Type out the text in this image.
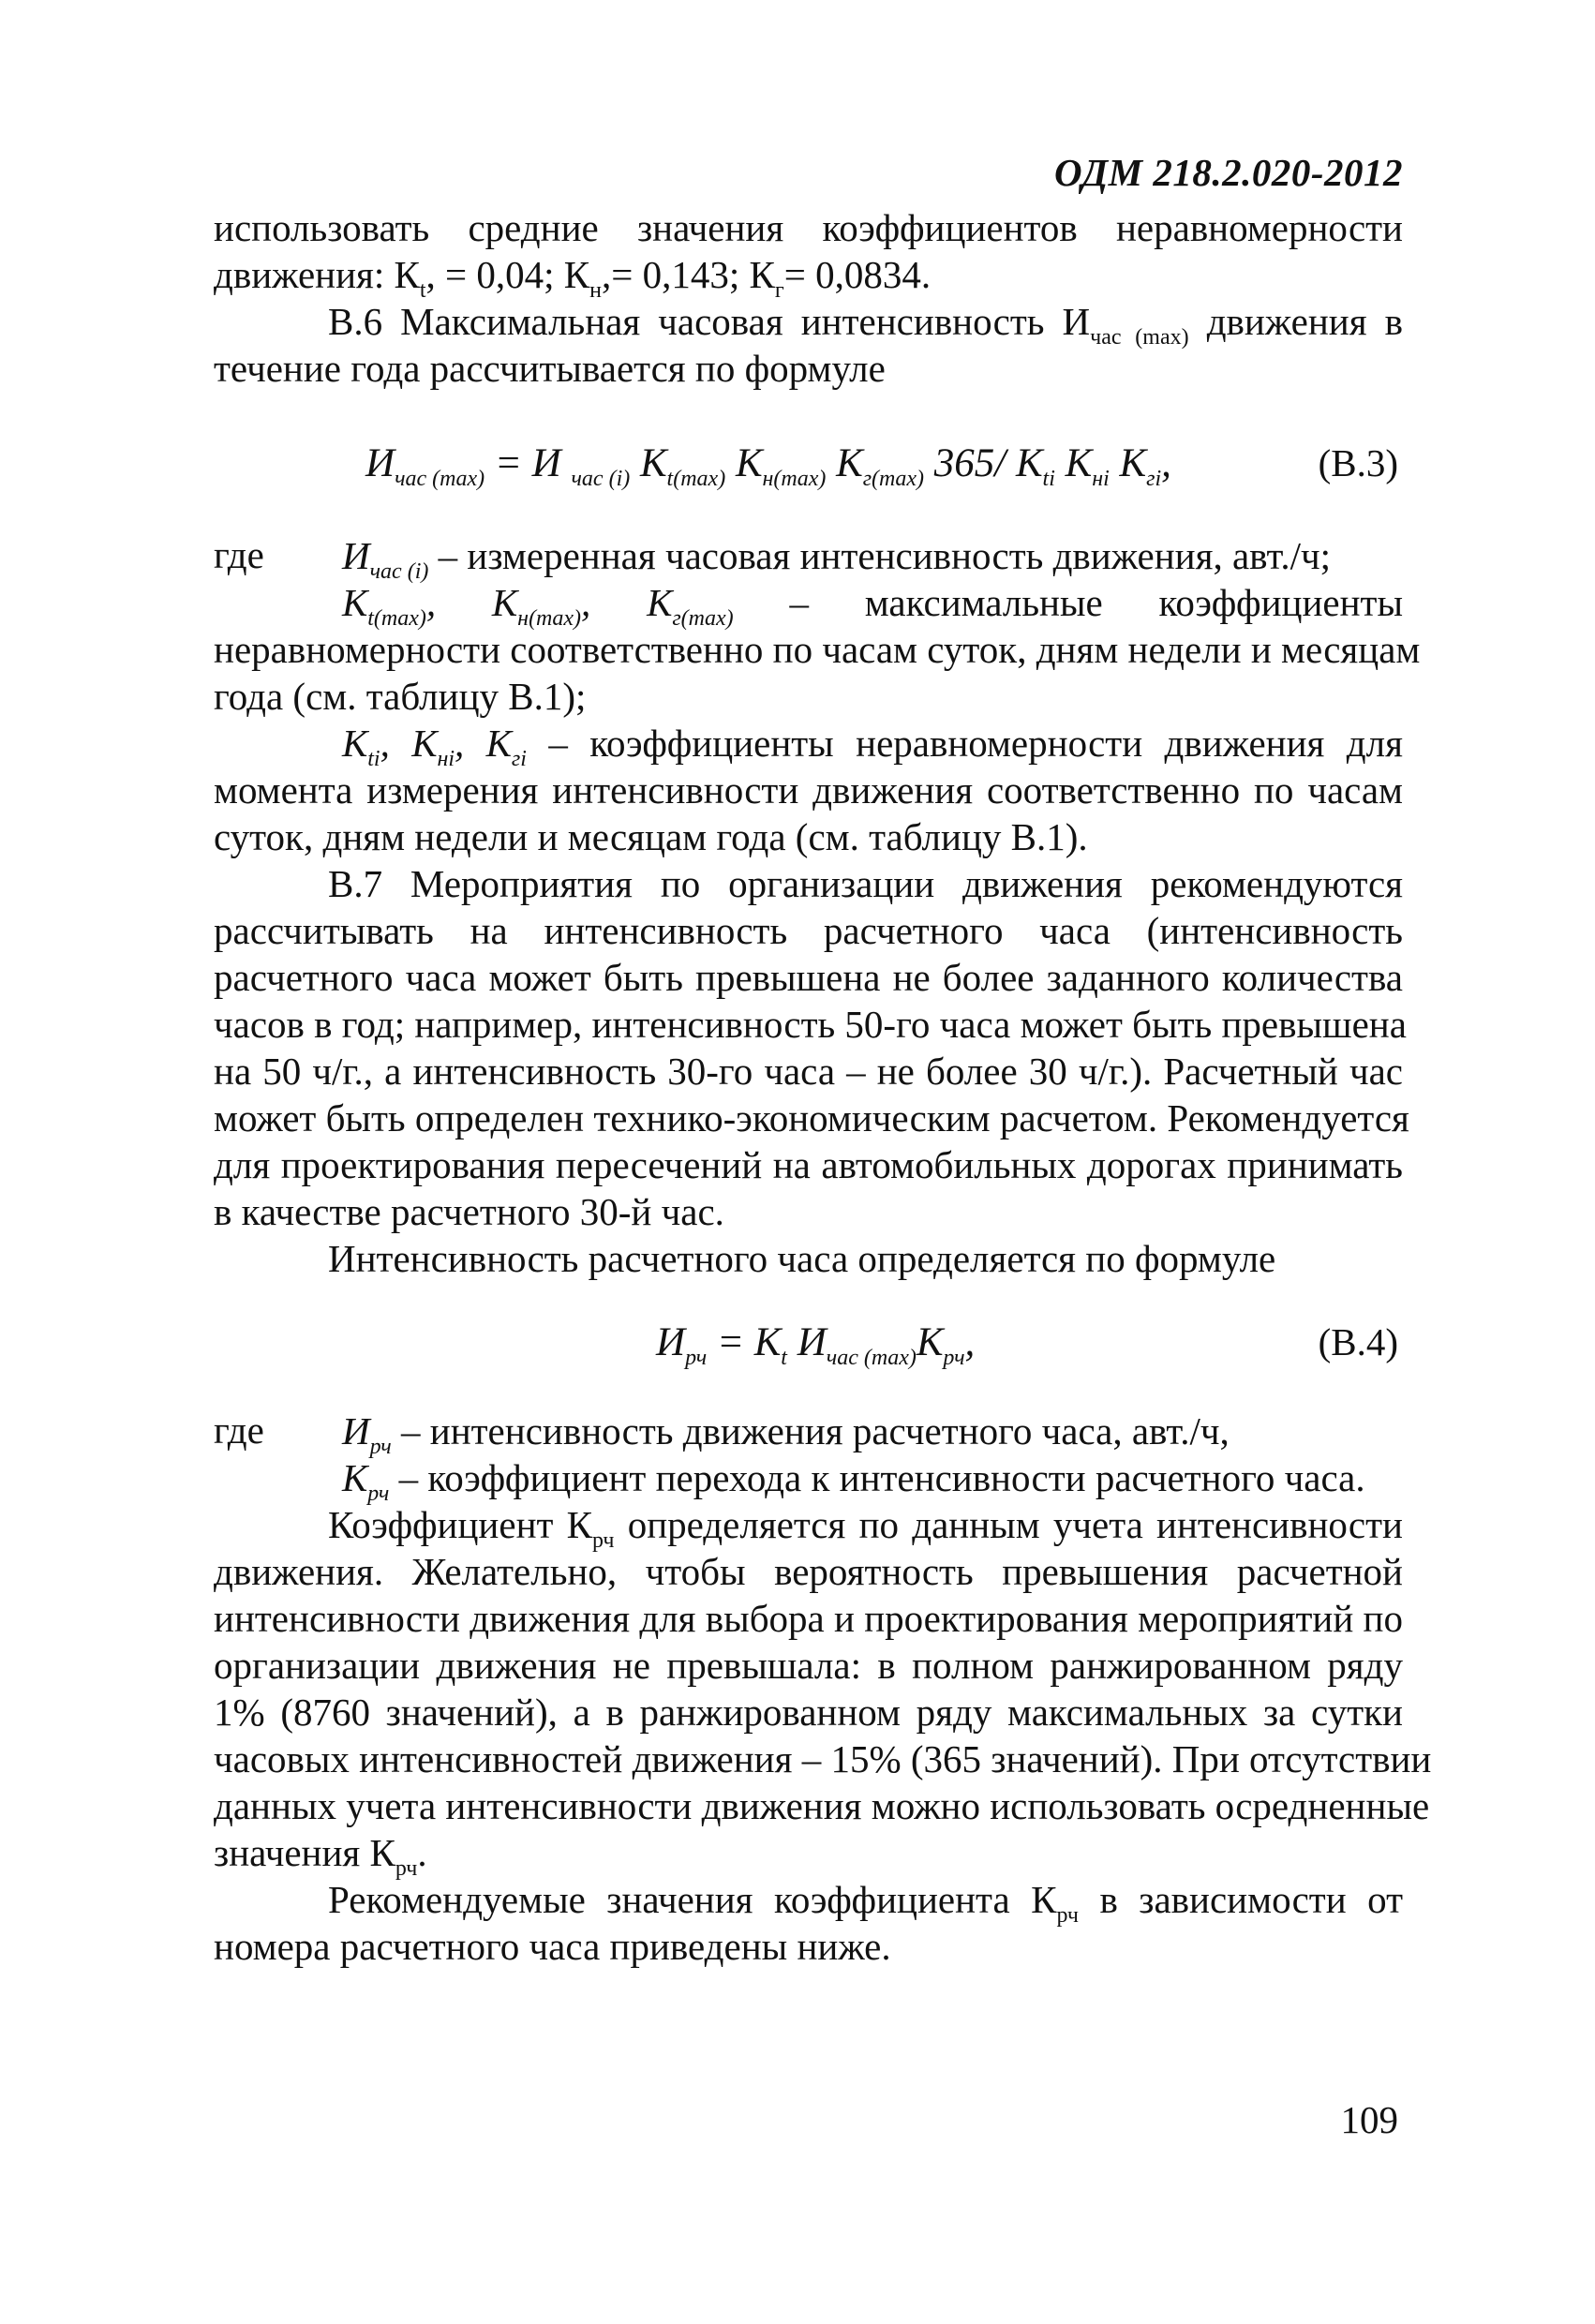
ОДМ 218.2.020-2012
использовать средние значения коэффициентов неравномерности
движения: $К_t$, = 0,04; $К_н,= 0,143$; $К_г= 0,0834$.
В.6 Максимальная часовая интенсивность $И_{час (max)}$ движения в
течение года рассчитывается по формуле
$И_{час (max)} = И$ $_{час (i)}$ $К_{t(max)}$ $К_{н(max)}$ $К_{г(max)}$ 365/ $К_{ti}$ $К_{нi}$ $К_{гi}$,	(В.3)
где $И_{час (i)}$ – измеренная часовая интенсивность движения, авт./ч;
$К_{t(max)}$, $К_{н(max)}$, $К_{г(max)}$ – максимальные коэффициенты
неравномерности соответственно по часам суток, дням недели и месяцам
года (см. таблицу В.1);
$К_{ti}$, $К_{нi}$, $К_{гi}$ – коэффициенты неравномерности движения для
момента измерения интенсивности движения соответственно по часам
суток, дням недели и месяцам года (см. таблицу В.1).
В.7 Мероприятия по организации движения рекомендуются
рассчитывать на интенсивность расчетного часа (интенсивность
расчетного часа может быть превышена не более заданного количества
часов в год; например, интенсивность 50-го часа может быть превышена
на 50 ч/г., а интенсивность 30-го часа – не более 30 ч/г.). Расчетный час
может быть определен технико-экономическим расчетом. Рекомендуется
для проектирования пересечений на автомобильных дорогах принимать
в качестве расчетного 30-й час.
Интенсивность расчетного часа определяется по формуле
$И_{рч} = К_t$ $И_{час (max)}К_{рч}$,	(В.4)
где $И_{рч}$ – интенсивность движения расчетного часа, авт./ч,
$К_{рч}$ – коэффициент перехода к интенсивности расчетного часа.
Коэффициент $К_{рч}$ определяется по данным учета интенсивности
движения. Желательно, чтобы вероятность превышения расчетной
интенсивности движения для выбора и проектирования мероприятий по
организации движения не превышала: в полном ранжированном ряду
1% (8760 значений), а в ранжированном ряду максимальных за сутки
часовых интенсивностей движения – 15% (365 значений). При отсутствии
данных учета интенсивности движения можно использовать осредненные
значения $К_{рч}$.
Рекомендуемые значения коэффициента $К_{рч}$ в зависимости от
номера расчетного часа приведены ниже.
109
